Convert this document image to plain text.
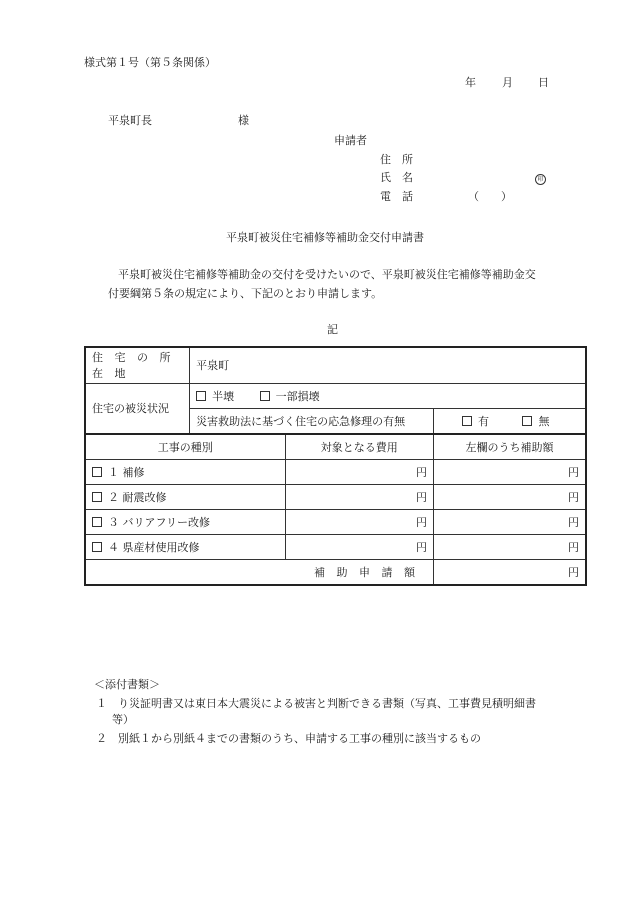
様式第１号（第５条関係）
年 月 日
平泉町長	様
申請者
住　所
氏　名	印
電　話	（　　）
平泉町被災住宅補修等補助金交付申請書
平泉町被災住宅補修等補助金の交付を受けたいので、平泉町被災住宅補修等補助金交
付要綱第５条の規定により、下記のとおり申請します。
記
住 宅 の 所 在 地	平泉町		
住宅の被災状況	半壊 一部損壊		
	災害救助法に基づく住宅の応急修理の有無		有 無
工事の種別		対象となる費用	左欄のうち補助額
１ 補修		円	円
２ 耐震改修		円	円
３ バリアフリー改修		円	円
４ 県産材使用改修		円	円
補 助 申 請 額			円
＜添付書類＞
１　り災証明書又は東日本大震災による被害と判断できる書類（写真、工事費見積明細書
等）
２　別紙１から別紙４までの書類のうち、申請する工事の種別に該当するもの
